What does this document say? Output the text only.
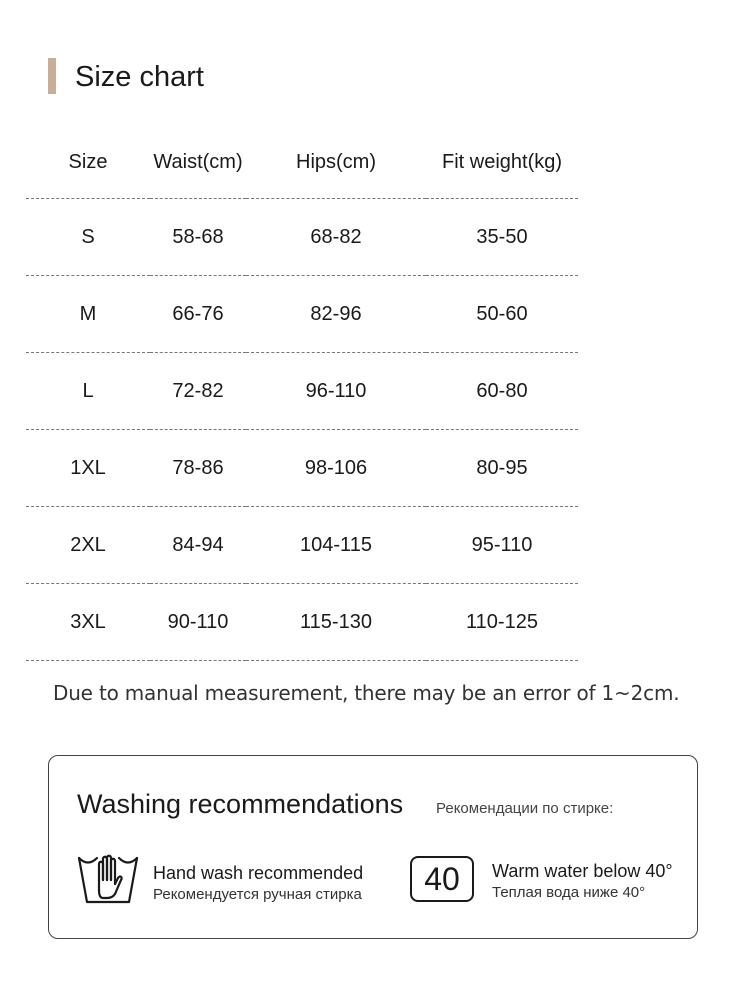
Size chart
Size	Waist(cm)	Hips(cm)	Fit weight(kg)
S	58-68	68-82	35-50
M	66-76	82-96	50-60
L	72-82	96-110	60-80
1XL	78-86	98-106	80-95
2XL	84-94	104-115	95-110
3XL	90-110	115-130	110-125
Due to manual measurement, there may be an error of 1~2cm.
Washing recommendations Рекомендации по стирке:
Hand wash recommended
Рекомендуется ручная стирка	40	Warm water below 40°
Теплая вода ниже 40°
